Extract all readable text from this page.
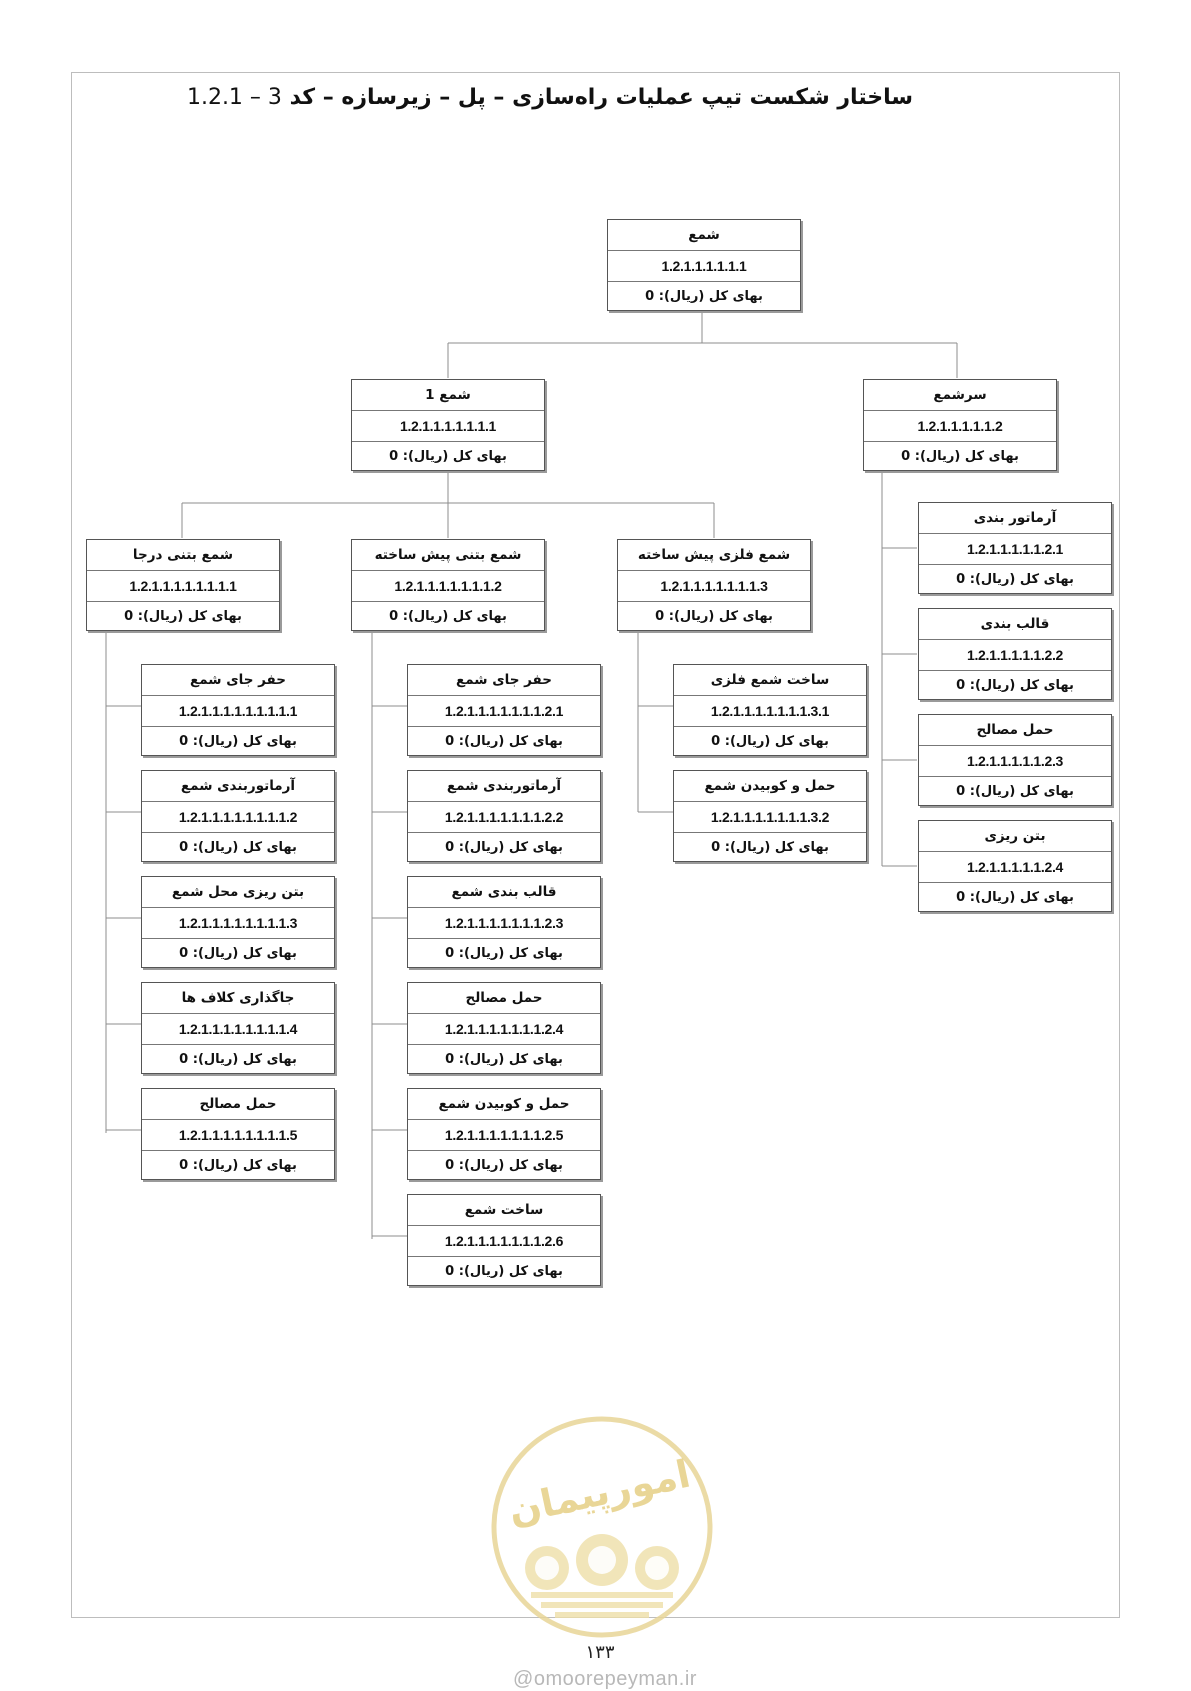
ساختار شکست تیپ عملیات راه‌سازی – پل – زیرسازه – کد 1.2.1 – 3
شمع
1.2.1.1.1.1.1.1
بهای کل (ریال): 0
شمع 1
1.2.1.1.1.1.1.1.1
بهای کل (ریال): 0
سرشمع
1.2.1.1.1.1.1.2
بهای کل (ریال): 0
آرماتور بندی
1.2.1.1.1.1.1.2.1
بهای کل (ریال): 0
قالب بندی
1.2.1.1.1.1.1.2.2
بهای کل (ریال): 0
حمل مصالح
1.2.1.1.1.1.1.2.3
بهای کل (ریال): 0
بتن ریزی
1.2.1.1.1.1.1.2.4
بهای کل (ریال): 0
شمع بتنی درجا
1.2.1.1.1.1.1.1.1.1
بهای کل (ریال): 0
شمع بتنی پیش ساخته
1.2.1.1.1.1.1.1.1.2
بهای کل (ریال): 0
شمع فلزی پیش ساخته
1.2.1.1.1.1.1.1.1.3
بهای کل (ریال): 0
حفر جای شمع
1.2.1.1.1.1.1.1.1.1.1
بهای کل (ریال): 0
آرماتوربندی شمع
1.2.1.1.1.1.1.1.1.1.2
بهای کل (ریال): 0
بتن ریزی محل شمع
1.2.1.1.1.1.1.1.1.1.3
بهای کل (ریال): 0
جاگذاری کلاف ها
1.2.1.1.1.1.1.1.1.1.4
بهای کل (ریال): 0
حمل مصالح
1.2.1.1.1.1.1.1.1.1.5
بهای کل (ریال): 0
حفر جای شمع
1.2.1.1.1.1.1.1.1.2.1
بهای کل (ریال): 0
آرماتوربندی شمع
1.2.1.1.1.1.1.1.1.2.2
بهای کل (ریال): 0
قالب بندی شمع
1.2.1.1.1.1.1.1.1.2.3
بهای کل (ریال): 0
حمل مصالح
1.2.1.1.1.1.1.1.1.2.4
بهای کل (ریال): 0
حمل و کوبیدن شمع
1.2.1.1.1.1.1.1.1.2.5
بهای کل (ریال): 0
ساخت شمع
1.2.1.1.1.1.1.1.1.2.6
بهای کل (ریال): 0
ساخت شمع فلزی
1.2.1.1.1.1.1.1.1.3.1
بهای کل (ریال): 0
حمل و کوبیدن شمع
1.2.1.1.1.1.1.1.1.3.2
بهای کل (ریال): 0
امورپیمان
۱۳۳
@omoorepeyman.ir
